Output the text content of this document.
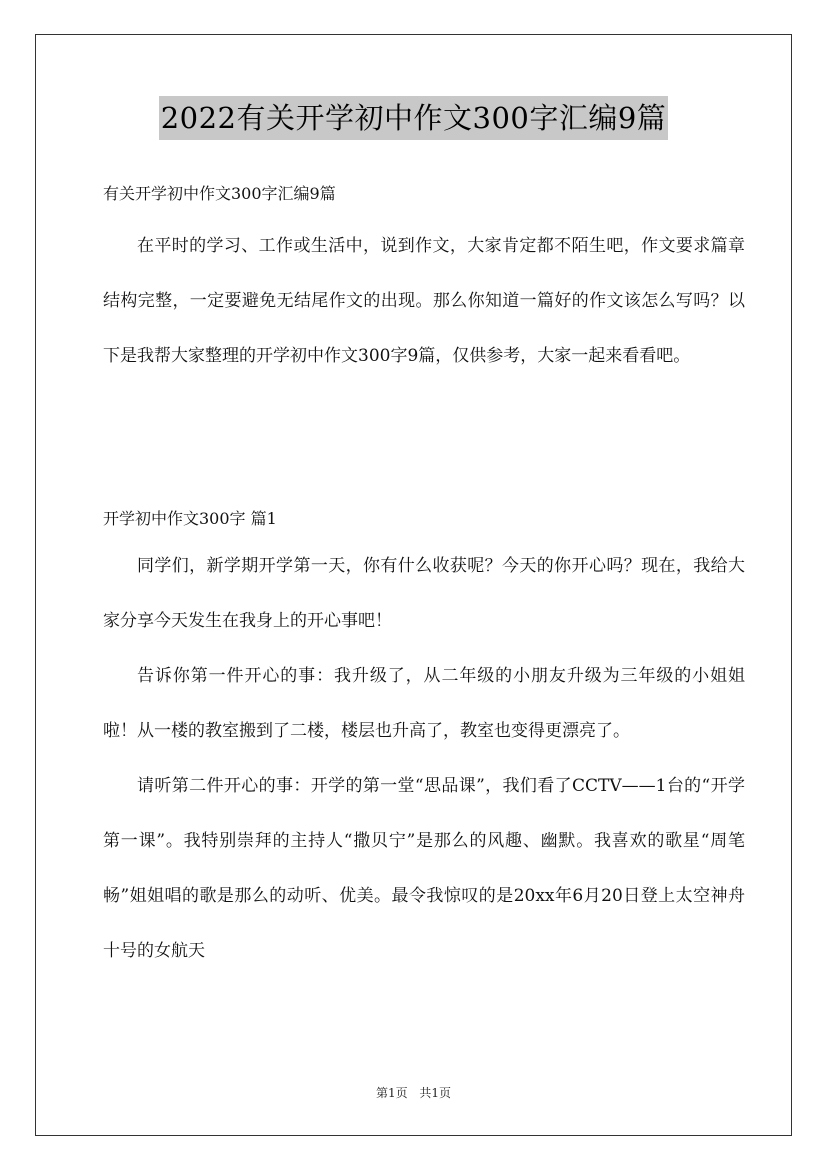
2022有关开学初中作文300字汇编9篇
有关开学初中作文300字汇编9篇

在平时的学习、工作或生活中，说到作文，大家肯定都不陌生吧，作文要求篇章结构完整，一定要避免无结尾作文的出现。那么你知道一篇好的作文该怎么写吗？以下是我帮大家整理的开学初中作文300字9篇，仅供参考，大家一起来看看吧。

开学初中作文300字 篇1

同学们，新学期开学第一天，你有什么收获呢？今天的你开心吗？现在，我给大家分享今天发生在我身上的开心事吧！

告诉你第一件开心的事：我升级了，从二年级的小朋友升级为三年级的小姐姐啦！从一楼的教室搬到了二楼，楼层也升高了，教室也变得更漂亮了。

请听第二件开心的事：开学的第一堂“思品课”，我们看了CCTV——1台的“开学第一课”。我特别崇拜的主持人“撒贝宁”是那么的风趣、幽默。我喜欢的歌星“周笔畅”姐姐唱的歌是那么的动听、优美。最令我惊叹的是20xx年6月20日登上太空神舟十号的女航天

第1页 共1页
